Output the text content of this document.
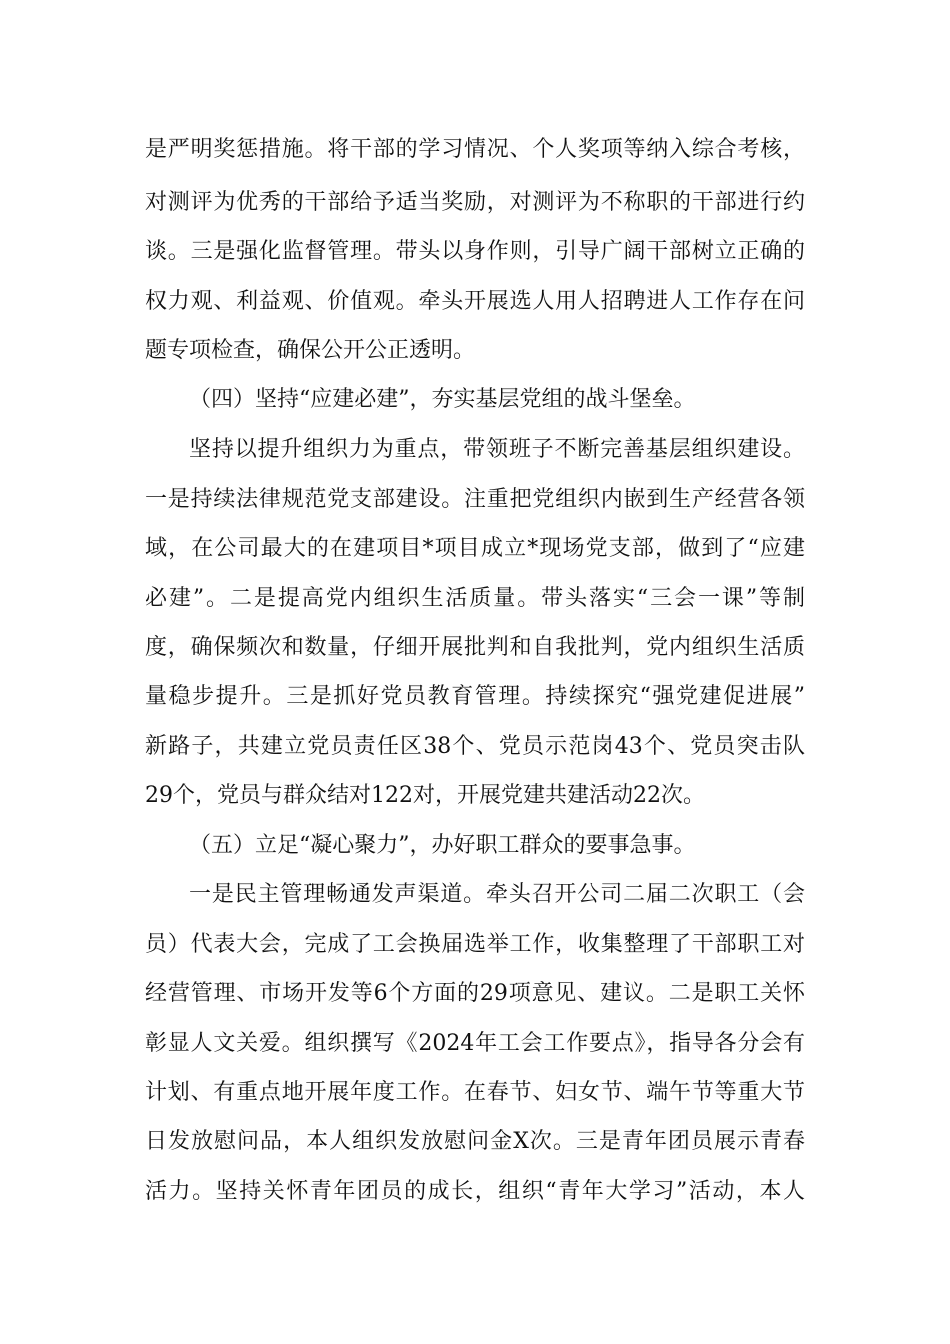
是严明奖惩措施。将干部的学习情况、个人奖项等纳入综合考核，
对测评为优秀的干部给予适当奖励，对测评为不称职的干部进行约
谈。三是强化监督管理。带头以身作则，引导广阔干部树立正确的
权力观、利益观、价值观。牵头开展选人用人招聘进人工作存在问
题专项检查，确保公开公正透明。
（四）坚持“应建必建”，夯实基层党组的战斗堡垒。
坚持以提升组织力为重点，带领班子不断完善基层组织建设。
一是持续法律规范党支部建设。注重把党组织内嵌到生产经营各领
域，在公司最大的在建项目*项目成立*现场党支部，做到了“应建
必建”。二是提高党内组织生活质量。带头落实“三会一课”等制
度，确保频次和数量，仔细开展批判和自我批判，党内组织生活质
量稳步提升。三是抓好党员教育管理。持续探究“强党建促进展”
新路子，共建立党员责任区38个、党员示范岗43个、党员突击队
29个，党员与群众结对122对，开展党建共建活动22次。
（五）立足“凝心聚力”，办好职工群众的要事急事。
一是民主管理畅通发声渠道。牵头召开公司二届二次职工（会
员）代表大会，完成了工会换届选举工作，收集整理了干部职工对
经营管理、市场开发等6个方面的29项意见、建议。二是职工关怀
彰显人文关爱。组织撰写《2024年工会工作要点》，指导各分会有
计划、有重点地开展年度工作。在春节、妇女节、端午节等重大节
日发放慰问品，本人组织发放慰问金X次。三是青年团员展示青春
活力。坚持关怀青年团员的成长，组织“青年大学习”活动，本人
